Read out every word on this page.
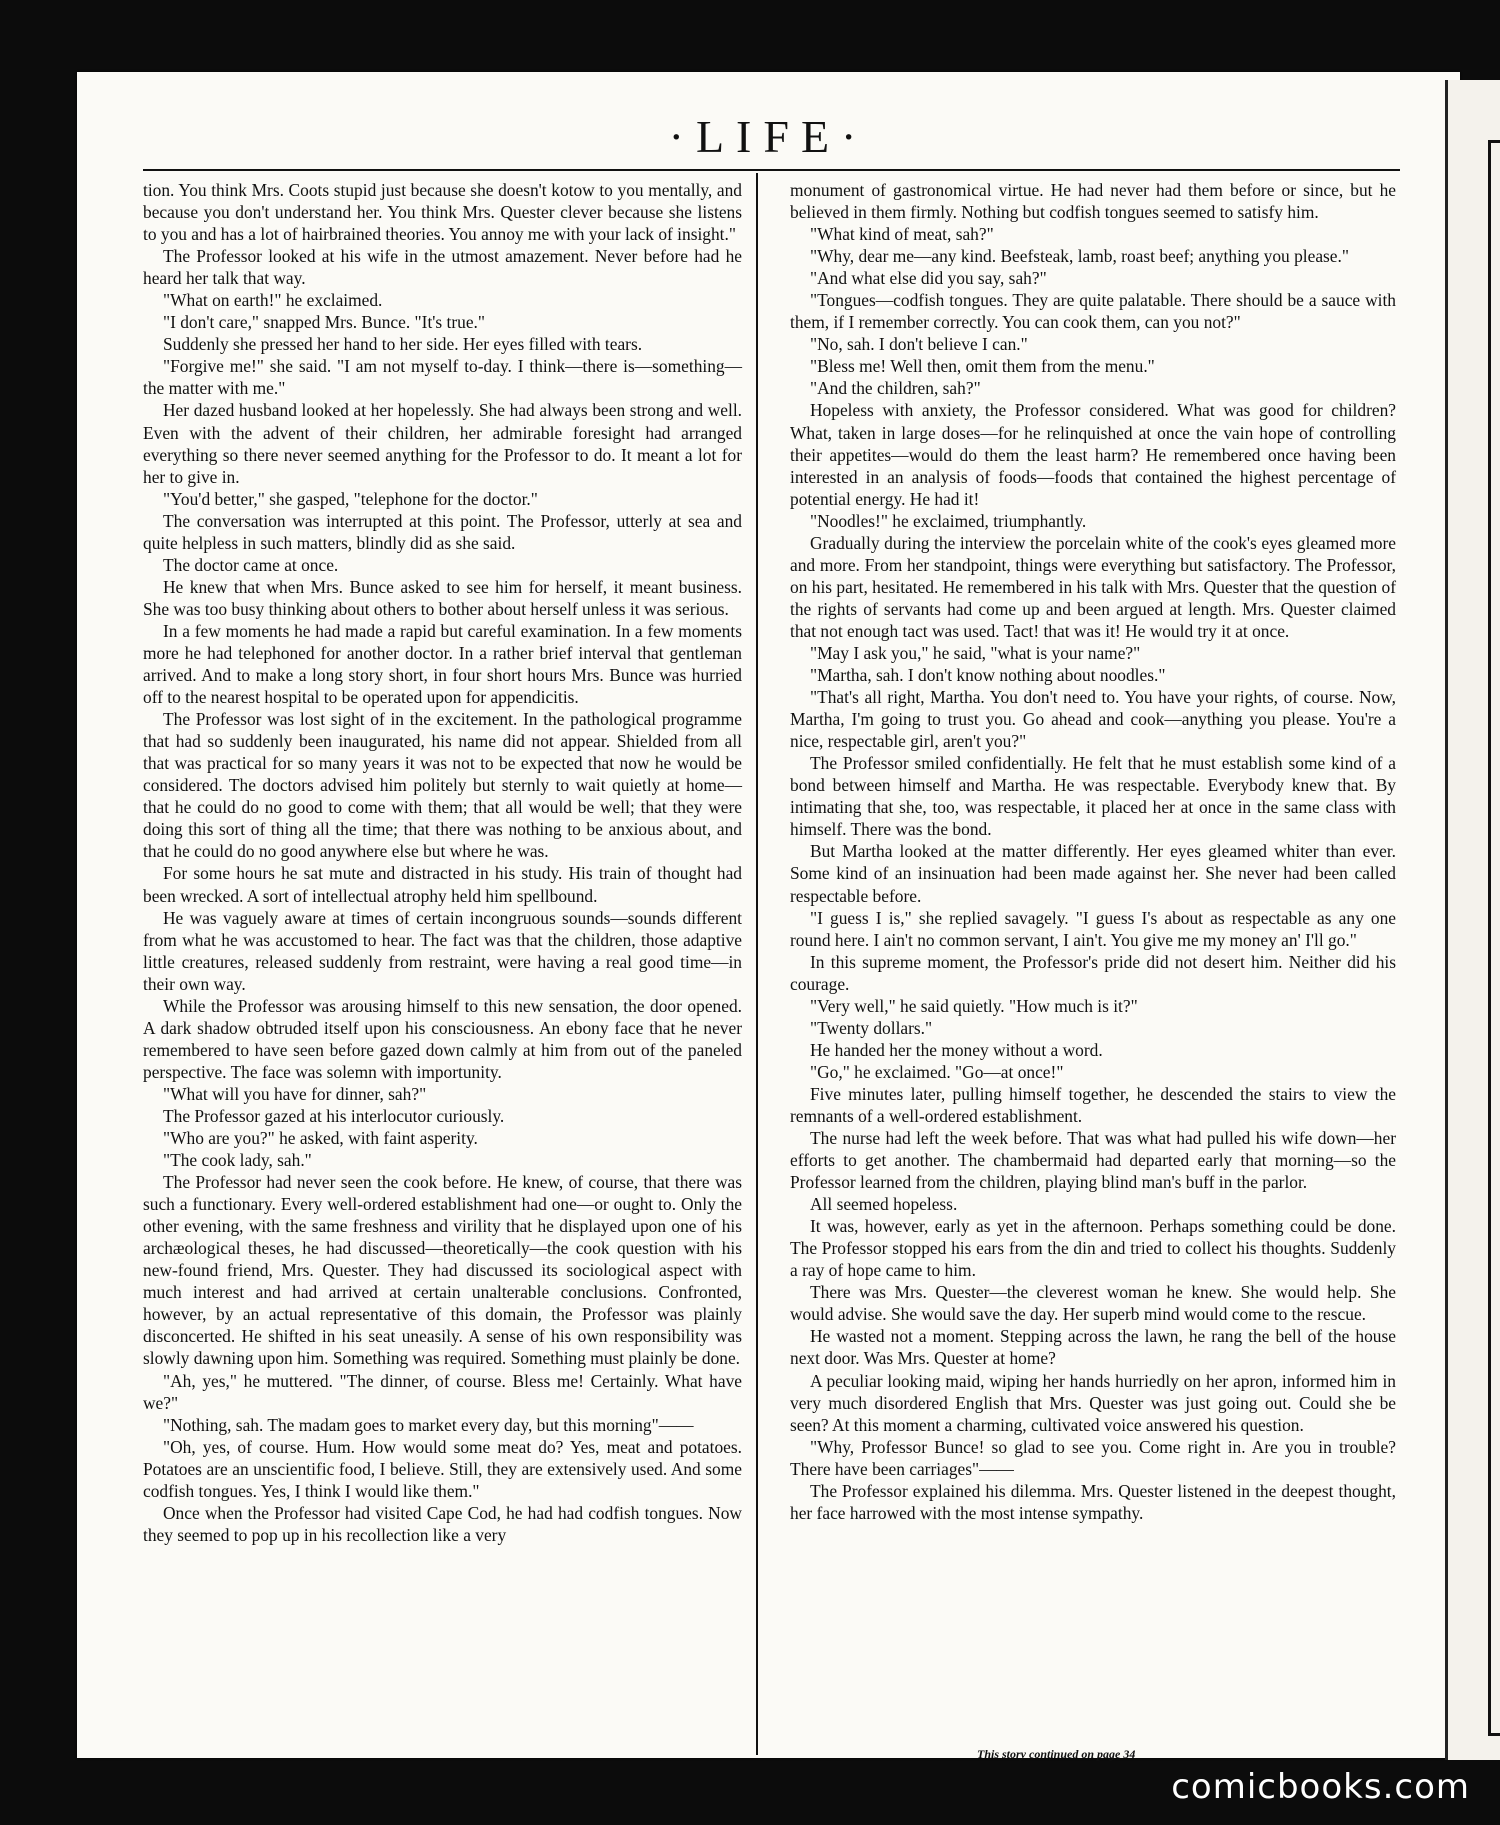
·LIFE·

tion. You think Mrs. Coots stupid just because she doesn't kotow to you mentally, and because you don't understand her. You think Mrs. Quester clever because she listens to you and has a lot of hairbrained theories. You annoy me with your lack of insight."

The Professor looked at his wife in the utmost amazement. Never before had he heard her talk that way.

"What on earth!" he exclaimed.

"I don't care," snapped Mrs. Bunce. "It's true."

Suddenly she pressed her hand to her side. Her eyes filled with tears.

"Forgive me!" she said. "I am not myself to-day. I think—there is—something—the matter with me."

Her dazed husband looked at her hopelessly. She had always been strong and well. Even with the advent of their children, her admirable foresight had arranged everything so there never seemed anything for the Professor to do. It meant a lot for her to give in.

"You'd better," she gasped, "telephone for the doctor."

The conversation was interrupted at this point. The Professor, utterly at sea and quite helpless in such matters, blindly did as she said.

The doctor came at once.

He knew that when Mrs. Bunce asked to see him for herself, it meant business. She was too busy thinking about others to bother about herself unless it was serious.

In a few moments he had made a rapid but careful examination. In a few moments more he had telephoned for another doctor. In a rather brief interval that gentleman arrived. And to make a long story short, in four short hours Mrs. Bunce was hurried off to the nearest hospital to be operated upon for appendicitis.

The Professor was lost sight of in the excitement. In the pathological programme that had so suddenly been inaugurated, his name did not appear. Shielded from all that was practical for so many years it was not to be expected that now he would be considered. The doctors advised him politely but sternly to wait quietly at home—that he could do no good to come with them; that all would be well; that they were doing this sort of thing all the time; that there was nothing to be anxious about, and that he could do no good anywhere else but where he was.

For some hours he sat mute and distracted in his study. His train of thought had been wrecked. A sort of intellectual atrophy held him spellbound.

He was vaguely aware at times of certain incongruous sounds—sounds different from what he was accustomed to hear. The fact was that the children, those adaptive little creatures, released suddenly from restraint, were having a real good time—in their own way.

While the Professor was arousing himself to this new sensation, the door opened. A dark shadow obtruded itself upon his consciousness. An ebony face that he never remembered to have seen before gazed down calmly at him from out of the paneled perspective. The face was solemn with importunity.

"What will you have for dinner, sah?"

The Professor gazed at his interlocutor curiously.

"Who are you?" he asked, with faint asperity.

"The cook lady, sah."

The Professor had never seen the cook before. He knew, of course, that there was such a functionary. Every well-ordered establishment had one—or ought to. Only the other evening, with the same freshness and virility that he displayed upon one of his archæological theses, he had discussed—theoretically—the cook question with his new-found friend, Mrs. Quester. They had discussed its sociological aspect with much interest and had arrived at certain unalterable conclusions. Confronted, however, by an actual representative of this domain, the Professor was plainly disconcerted. He shifted in his seat uneasily. A sense of his own responsibility was slowly dawning upon him. Something was required. Something must plainly be done.

"Ah, yes," he muttered. "The dinner, of course. Bless me! Certainly. What have we?"

"Nothing, sah. The madam goes to market every day, but this morning"——

"Oh, yes, of course. Hum. How would some meat do? Yes, meat and potatoes. Potatoes are an unscientific food, I believe. Still, they are extensively used. And some codfish tongues. Yes, I think I would like them."

Once when the Professor had visited Cape Cod, he had had codfish tongues. Now they seemed to pop up in his recollection like a very

monument of gastronomical virtue. He had never had them before or since, but he believed in them firmly. Nothing but codfish tongues seemed to satisfy him.

"What kind of meat, sah?"

"Why, dear me—any kind. Beefsteak, lamb, roast beef; anything you please."

"And what else did you say, sah?"

"Tongues—codfish tongues. They are quite palatable. There should be a sauce with them, if I remember correctly. You can cook them, can you not?"

"No, sah. I don't believe I can."

"Bless me! Well then, omit them from the menu."

"And the children, sah?"

Hopeless with anxiety, the Professor considered. What was good for children? What, taken in large doses—for he relinquished at once the vain hope of controlling their appetites—would do them the least harm? He remembered once having been interested in an analysis of foods—foods that contained the highest percentage of potential energy. He had it!

"Noodles!" he exclaimed, triumphantly.

Gradually during the interview the porcelain white of the cook's eyes gleamed more and more. From her standpoint, things were everything but satisfactory. The Professor, on his part, hesitated. He remembered in his talk with Mrs. Quester that the question of the rights of servants had come up and been argued at length. Mrs. Quester claimed that not enough tact was used. Tact! that was it! He would try it at once.

"May I ask you," he said, "what is your name?"

"Martha, sah. I don't know nothing about noodles."

"That's all right, Martha. You don't need to. You have your rights, of course. Now, Martha, I'm going to trust you. Go ahead and cook—anything you please. You're a nice, respectable girl, aren't you?"

The Professor smiled confidentially. He felt that he must establish some kind of a bond between himself and Martha. He was respectable. Everybody knew that. By intimating that she, too, was respectable, it placed her at once in the same class with himself. There was the bond.

But Martha looked at the matter differently. Her eyes gleamed whiter than ever. Some kind of an insinuation had been made against her. She never had been called respectable before.

"I guess I is," she replied savagely. "I guess I's about as respectable as any one round here. I ain't no common servant, I ain't. You give me my money an' I'll go."

In this supreme moment, the Professor's pride did not desert him. Neither did his courage.

"Very well," he said quietly. "How much is it?"

"Twenty dollars."

He handed her the money without a word.

"Go," he exclaimed. "Go—at once!"

Five minutes later, pulling himself together, he descended the stairs to view the remnants of a well-ordered establishment.

The nurse had left the week before. That was what had pulled his wife down—her efforts to get another. The chambermaid had departed early that morning—so the Professor learned from the children, playing blind man's buff in the parlor.

All seemed hopeless.

It was, however, early as yet in the afternoon. Perhaps something could be done. The Professor stopped his ears from the din and tried to collect his thoughts. Suddenly a ray of hope came to him.

There was Mrs. Quester—the cleverest woman he knew. She would help. She would advise. She would save the day. Her superb mind would come to the rescue.

He wasted not a moment. Stepping across the lawn, he rang the bell of the house next door. Was Mrs. Quester at home?

A peculiar looking maid, wiping her hands hurriedly on her apron, informed him in very much disordered English that Mrs. Quester was just going out. Could she be seen? At this moment a charming, cultivated voice answered his question.

"Why, Professor Bunce! so glad to see you. Come right in. Are you in trouble? There have been carriages"——

The Professor explained his dilemma. Mrs. Quester listened in the deepest thought, her face harrowed with the most intense sympathy.

This story continued on page 34
comicbooks.com
